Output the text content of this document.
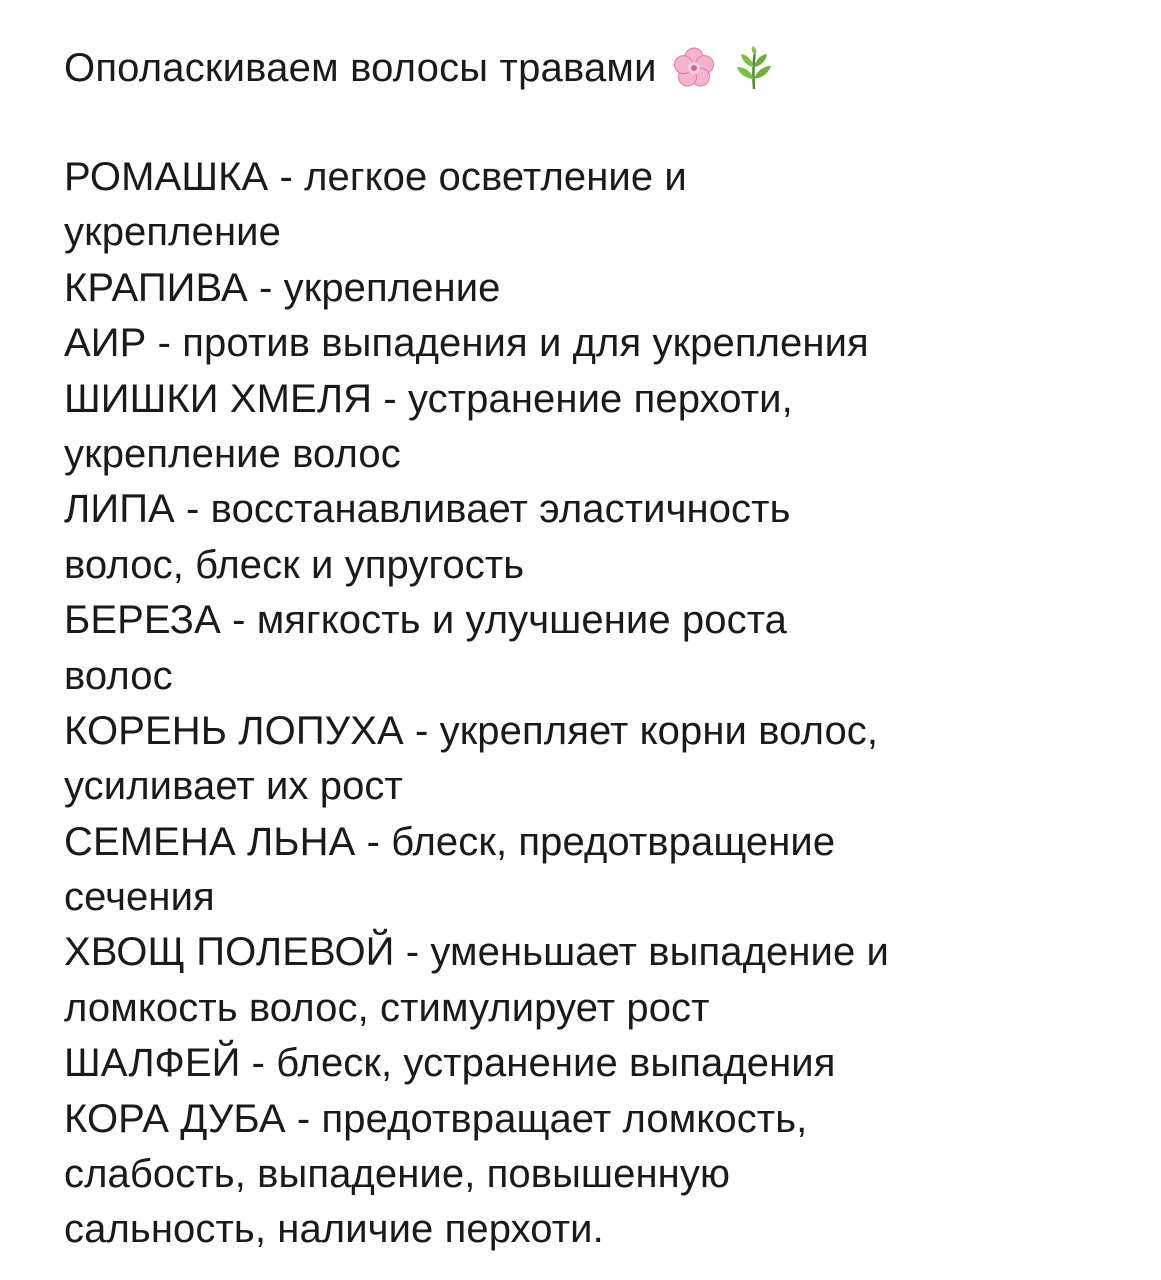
Ополаскиваем волосы травами
РОМАШКА - легкое осветление и
укрепление
КРАПИВА - укрепление
АИР - против выпадения и для укрепления
ШИШКИ ХМЕЛЯ - устранение перхоти,
укрепление волос
ЛИПА - восстанавливает эластичность
волос, блеск и упругость
БЕРЕЗА - мягкость и улучшение роста
волос
КОРЕНЬ ЛОПУХА - укрепляет корни волос,
усиливает их рост
СЕМЕНА ЛЬНА - блеск, предотвращение
сечения
ХВОЩ ПОЛЕВОЙ - уменьшает выпадение и
ломкость волос, стимулирует рост
ШАЛФЕЙ - блеск, устранение выпадения
КОРА ДУБА - предотвращает ломкость,
слабость, выпадение, повышенную
сальность, наличие перхоти.
